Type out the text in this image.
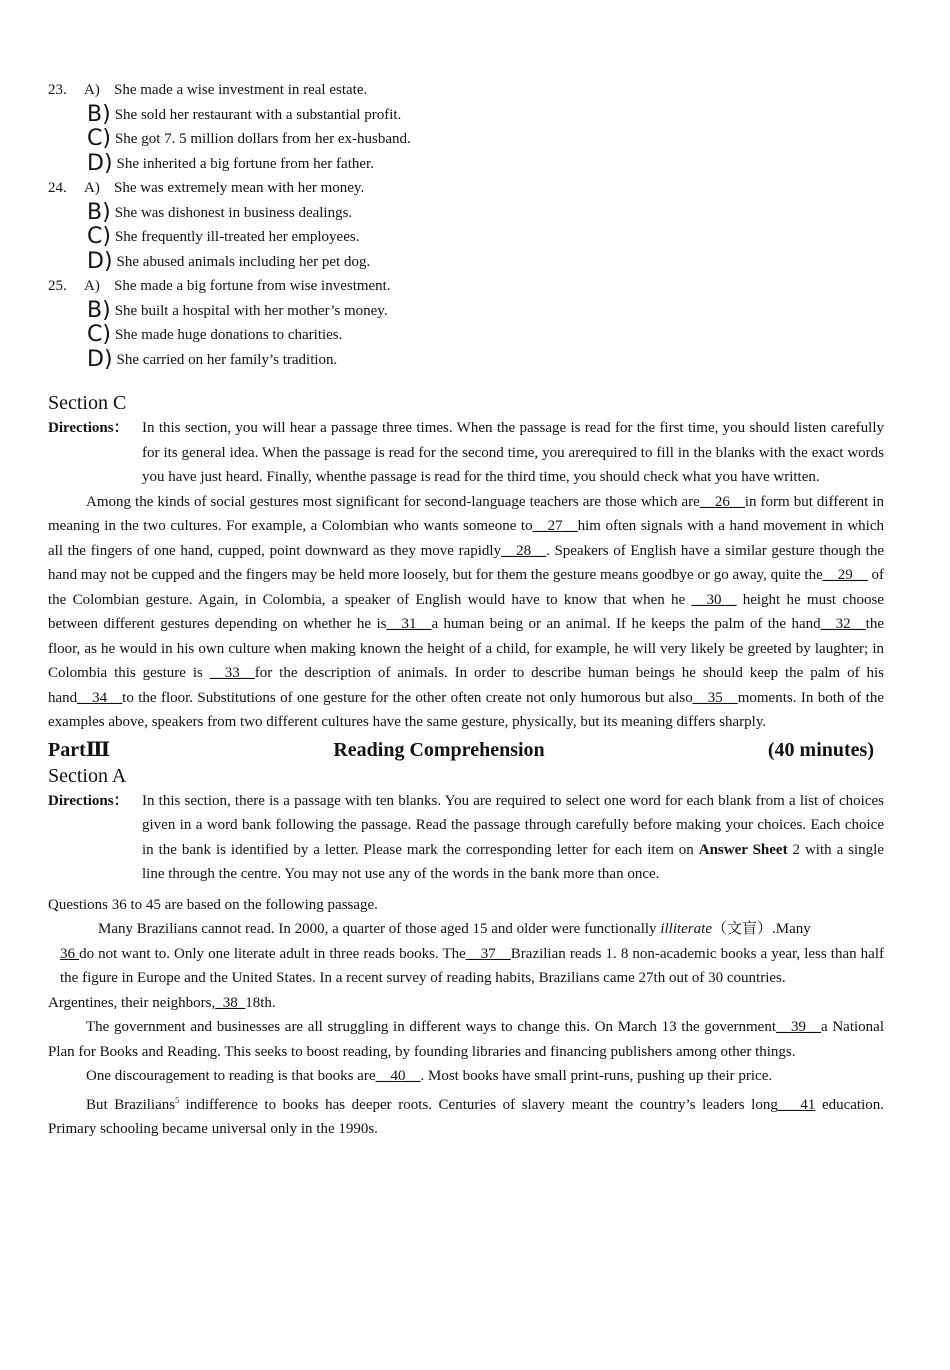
23.	A) She made a wise investment in real estate.
B) She sold her restaurant with a substantial profit.
C) She got 7. 5 million dollars from her ex-husband.
D) She inherited a big fortune from her father.
24.	A) She was extremely mean with her money.
B) She was dishonest in business dealings.
C) She frequently ill-treated her employees.
D) She abused animals including her pet dog.
25.	A) She made a big fortune from wise investment.
B) She built a hospital with her mother’s money.
C) She made huge donations to charities.
D) She carried on her family’s tradition.
Section C
Directions： In this section, you will hear a passage three times. When the passage is read for the first time, you should listen carefully for its general idea. When the passage is read for the second time, you arerequired to fill in the blanks with the exact words you have just heard. Finally, whenthe passage is read for the third time, you should check what you have written.

Among the kinds of social gestures most significant for second-language teachers are those which are__26__in form but different in meaning in the two cultures. For example, a Colombian who wants someone to__27__him often signals with a hand movement in which all the fingers of one hand, cupped, point downward as they move rapidly__28__. Speakers of English have a similar gesture though the hand may not be cupped and the fingers may be held more loosely, but for them the gesture means goodbye or go away, quite the__29__ of the Colombian gesture. Again, in Colombia, a speaker of English would have to know that when he __30__ height he must choose between different gestures depending on whether he is__31__a human being or an animal. If he keeps the palm of the hand__32__the floor, as he would in his own culture when making known the height of a child, for example, he will very likely be greeted by laughter; in Colombia this gesture is __33__for the description of animals. In order to describe human beings he should keep the palm of his hand__34__to the floor. Substitutions of one gesture for the other often create not only humorous but also__35__moments. In both of the examples above, speakers from two different cultures have the same gesture, physically, but its meaning differs sharply.

PartⅢ	Reading Comprehension	(40 minutes)
Section A
Directions： In this section, there is a passage with ten blanks. You are required to select one word for each blank from a list of choices given in a word bank following the passage. Read the passage through carefully before making your choices. Each choice in the bank is identified by a letter. Please mark the corresponding letter for each item on Answer Sheet 2 with a single line through the centre. You may not use any of the words in the bank more than once.

Questions 36 to 45 are based on the following passage.

Many Brazilians cannot read. In 2000, a quarter of those aged 15 and older were functionally illiterate（文盲）.Many

36 do not want to. Only one literate adult in three reads books. The__37__Brazilian reads 1. 8 non-academic books a year, less than half the figure in Europe and the United States. In a recent survey of reading habits, Brazilians came 27th out of 30 countries.

Argentines, their neighbors,_38_18th.

The government and businesses are all struggling in different ways to change this. On March 13 the government__39__a National Plan for Books and Reading. This seeks to boost reading, by founding libraries and financing publishers among other things.

One discouragement to reading is that books are__40__. Most books have small print-runs, pushing up their price.

But Brazilians$^5$ indifference to books has deeper roots. Centuries of slavery meant the country’s leaders long___41 education. Primary schooling became universal only in the 1990s.
